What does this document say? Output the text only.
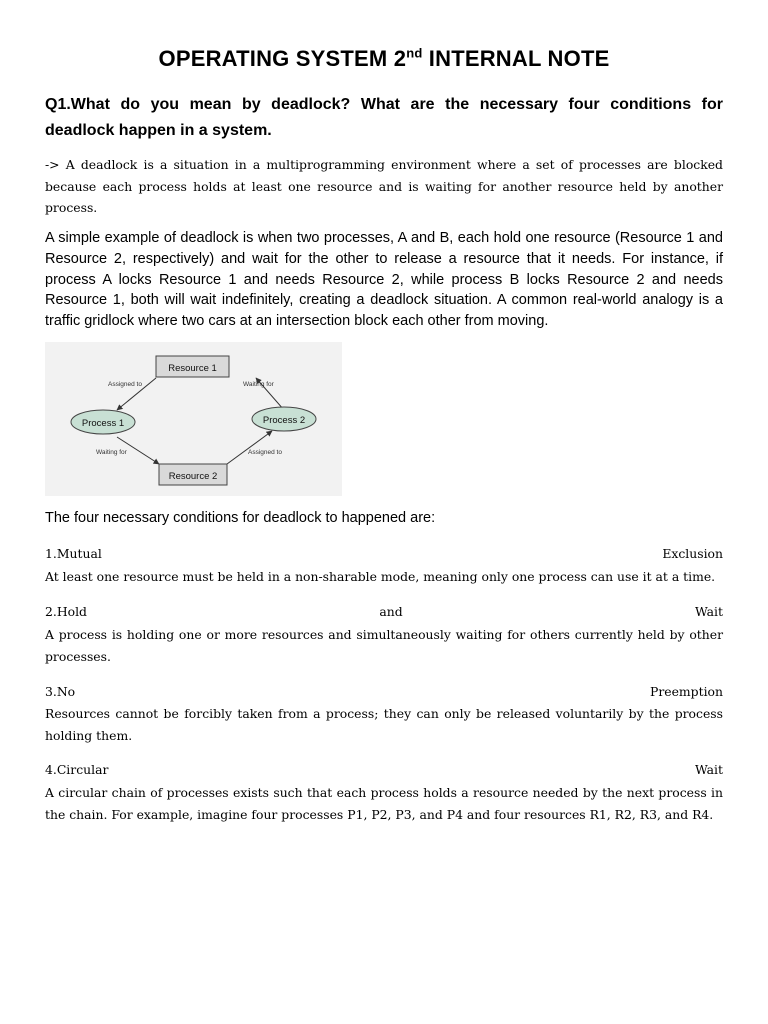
OPERATING SYSTEM 2nd INTERNAL NOTE
Q1.What do you mean by deadlock? What are the necessary four conditions for deadlock happen in a system.

-> A deadlock is a situation in a multiprogramming environment where a set of processes are blocked because each process holds at least one resource and is waiting for another resource held by another process.

A simple example of deadlock is when two processes, A and B, each hold one resource (Resource 1 and Resource 2, respectively) and wait for the other to release a resource that it needs. For instance, if process A locks Resource 1 and needs Resource 2, while process B locks Resource 2 and needs Resource 1, both will wait indefinitely, creating a deadlock situation. A common real-world analogy is a traffic gridlock where two cars at an intersection block each other from moving.

Resource 1
Resource 2
Process 1	Process 2
Assigned to	Waiting for
Waiting for	Assigned to

The four necessary conditions for deadlock to happened are:

1.Mutual	Exclusion

At least one resource must be held in a non-sharable mode, meaning only one process can use it at a time.

2.Hold	and	Wait

A process is holding one or more resources and simultaneously waiting for others currently held by other processes.

3.No	Preemption

Resources cannot be forcibly taken from a process; they can only be released voluntarily by the process holding them.

4.Circular	Wait

A circular chain of processes exists such that each process holds a resource needed by the next process in the chain. For example, imagine four processes P1, P2, P3, and P4 and four resources R1, R2, R3, and R4.
